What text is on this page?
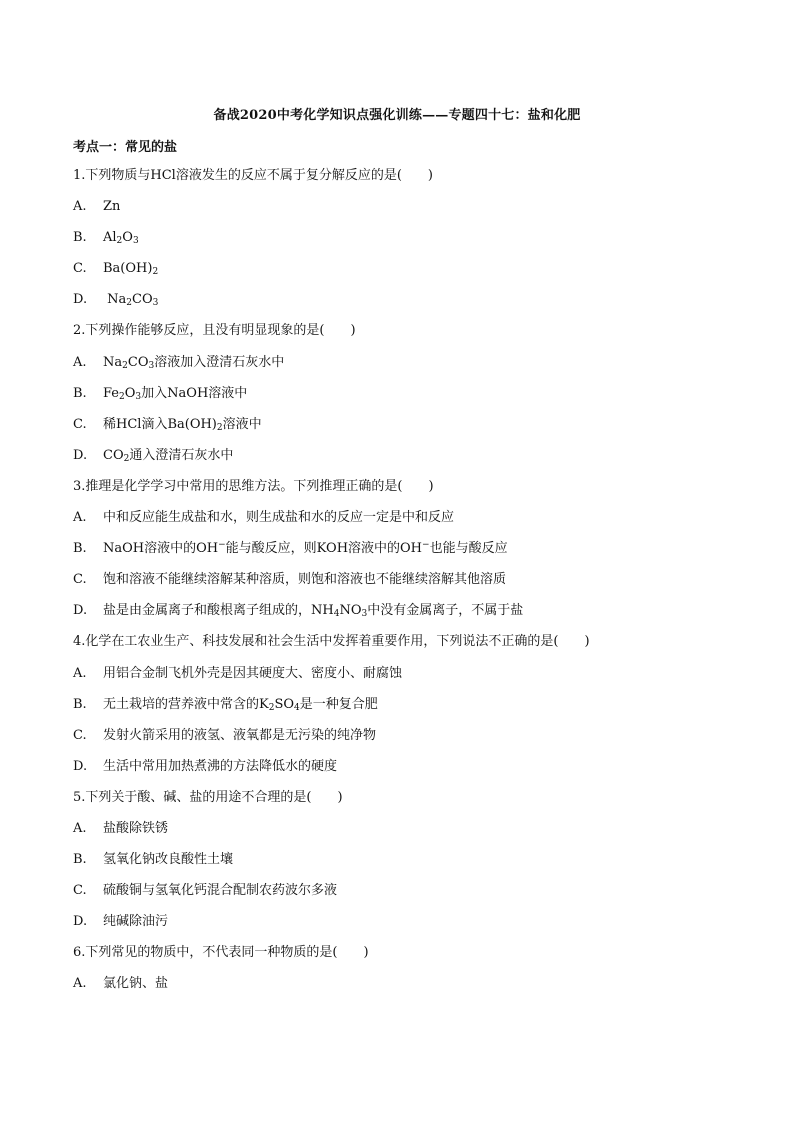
备战2020中考化学知识点强化训练——专题四十七：盐和化肥
考点一：常见的盐
1.下列物质与HCl溶液发生的反应不属于复分解反应的是(　　)
A.	Zn
B.	$Al_2O_3$
C.	$Ba(OH)_2$
D.	$Na_2CO_3$
2.下列操作能够反应，且没有明显现象的是(　　)
A.	$Na_2CO_3$溶液加入澄清石灰水中
B.	$Fe_2O_3$加入NaOH溶液中
C.	稀HCl滴入$Ba(OH)_2$溶液中
D.	$CO_2$通入澄清石灰水中
3.推理是化学学习中常用的思维方法。下列推理正确的是(　　)
A.	中和反应能生成盐和水，则生成盐和水的反应一定是中和反应
B.	NaOH溶液中的OH−能与酸反应，则KOH溶液中的OH−也能与酸反应
C.	饱和溶液不能继续溶解某种溶质，则饱和溶液也不能继续溶解其他溶质
D.	盐是由金属离子和酸根离子组成的，$NH_4NO_3$中没有金属离子，不属于盐
4.化学在工农业生产、科技发展和社会生活中发挥着重要作用，下列说法不正确的是(　　)
A.	用铝合金制飞机外壳是因其硬度大、密度小、耐腐蚀
B.	无土栽培的营养液中常含的$K_2SO_4$是一种复合肥
C.	发射火箭采用的液氢、液氧都是无污染的纯净物
D.	生活中常用加热煮沸的方法降低水的硬度
5.下列关于酸、碱、盐的用途不合理的是(　　)
A.	盐酸除铁锈
B.	氢氧化钠改良酸性土壤
C.	硫酸铜与氢氧化钙混合配制农药波尔多液
D.	纯碱除油污
6.下列常见的物质中，不代表同一种物质的是(　　)
A.	氯化钠、盐
